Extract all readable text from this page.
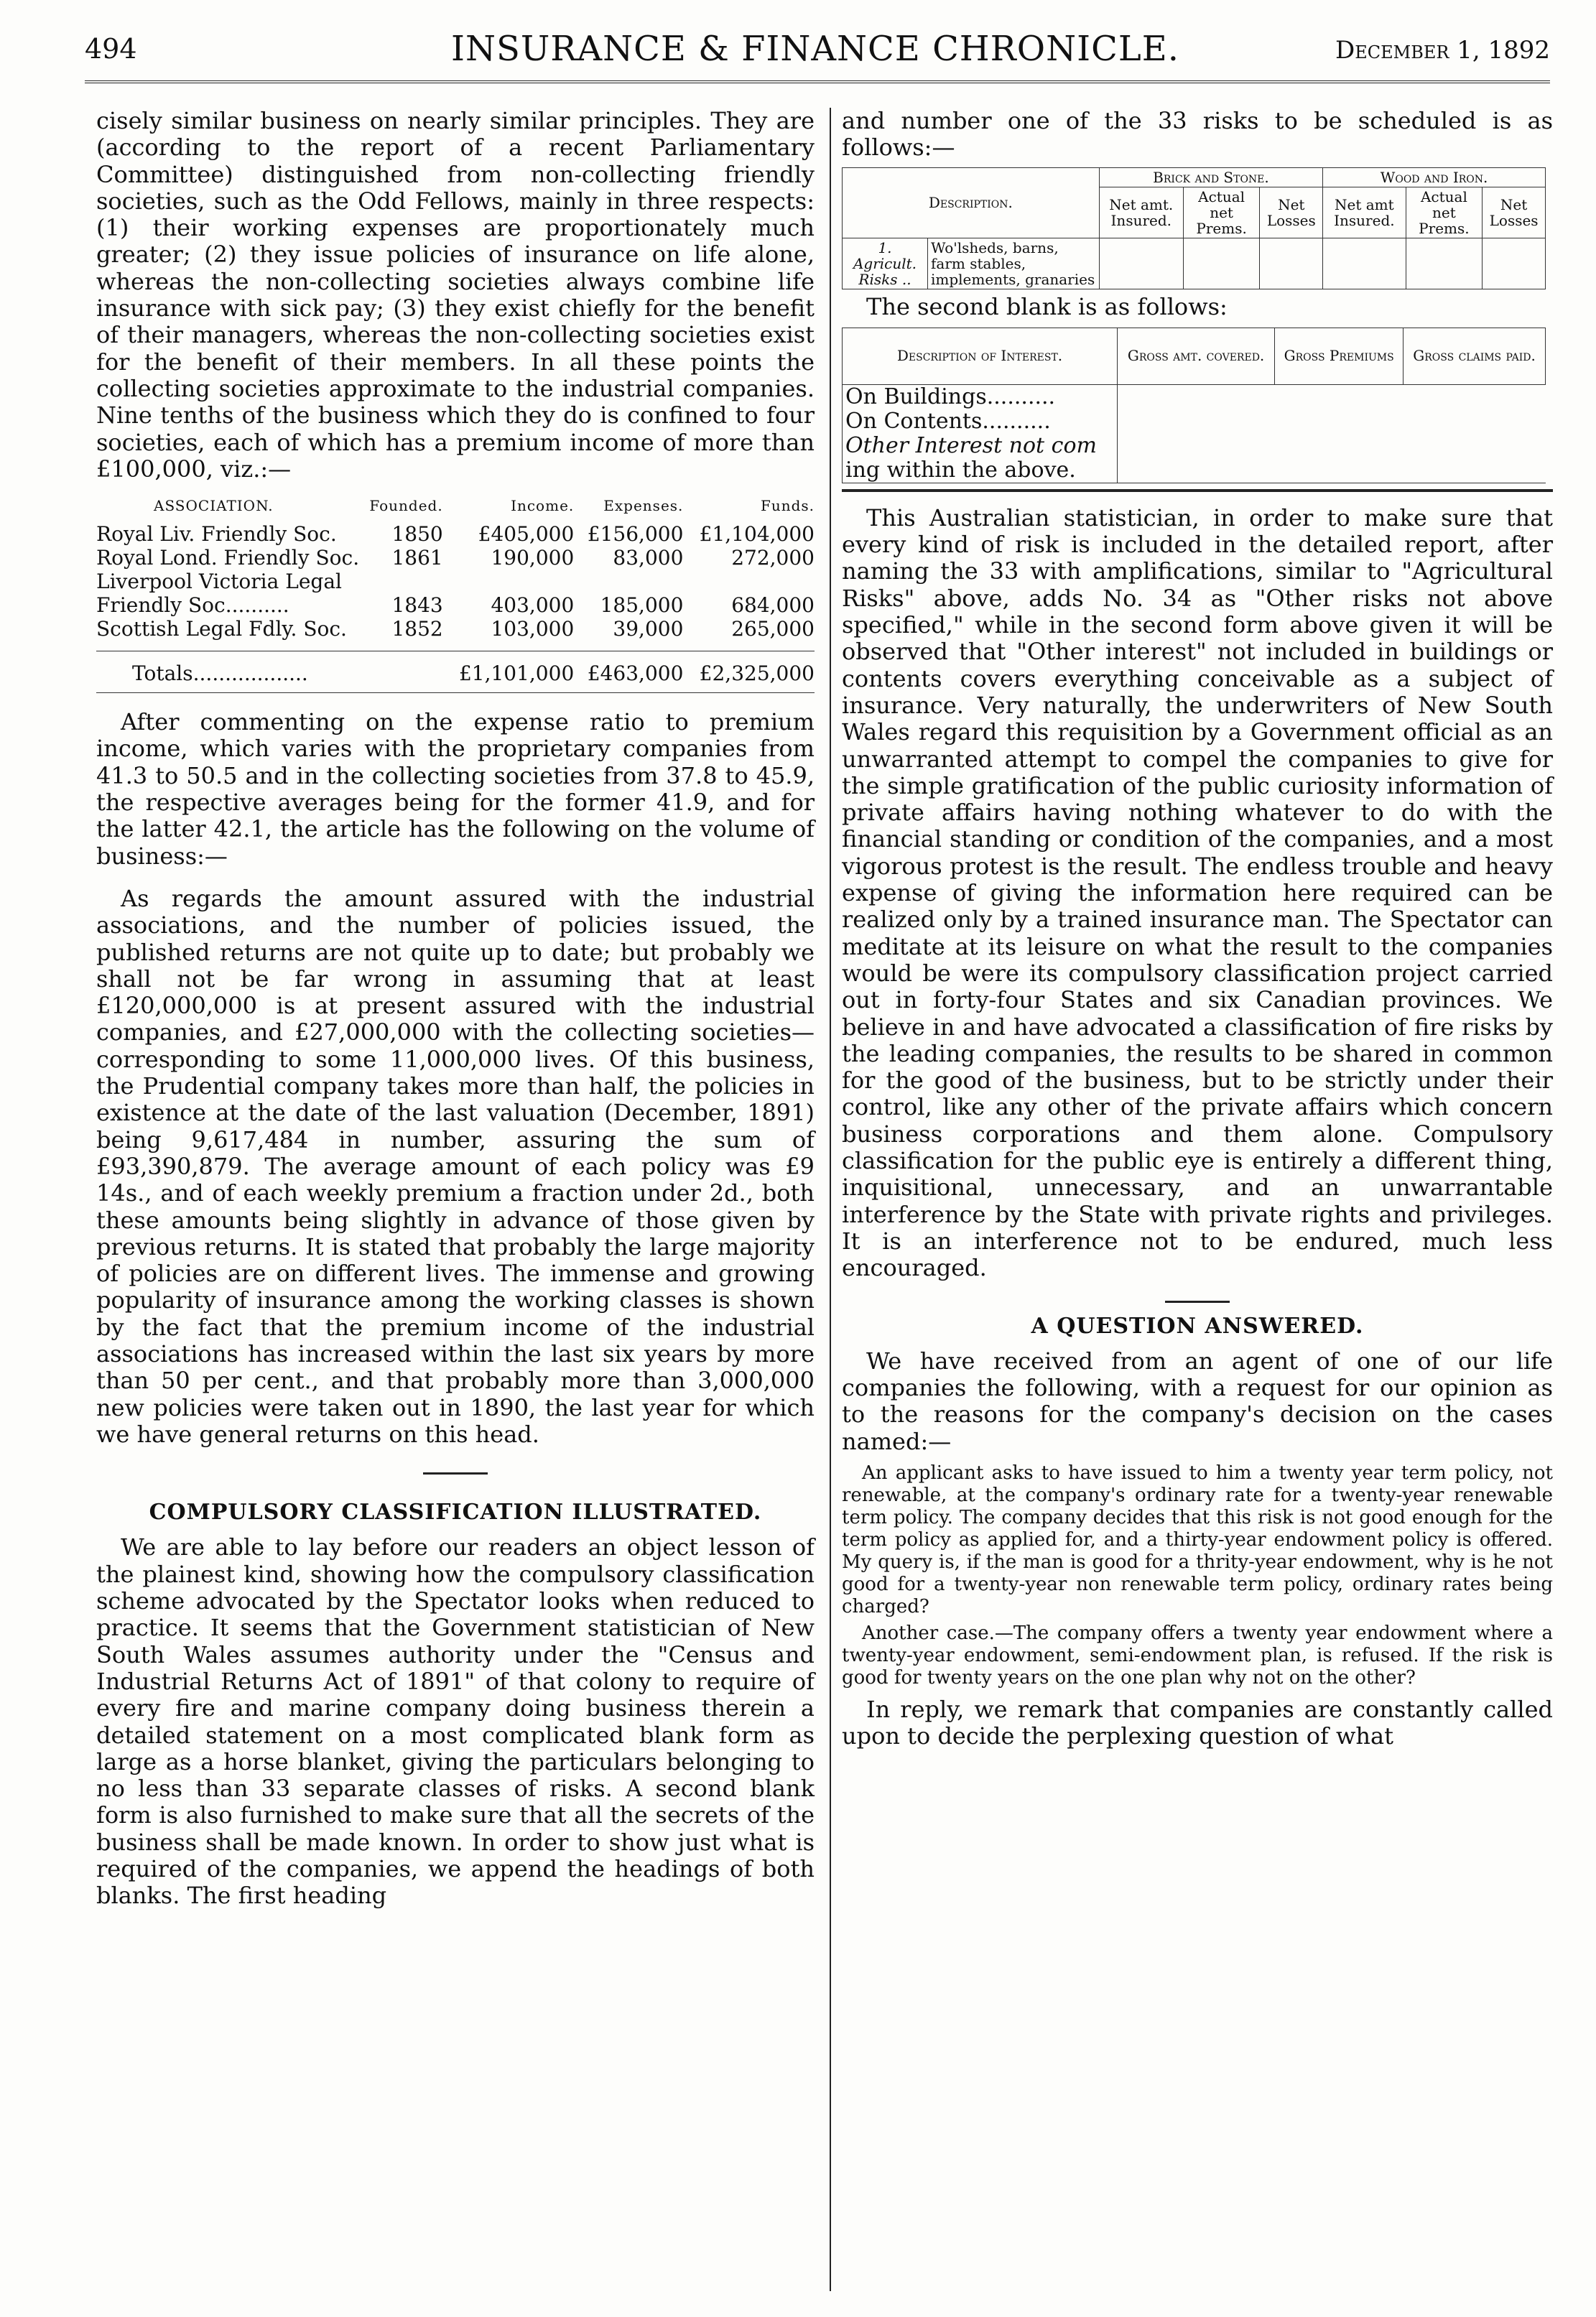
494	INSURANCE & FINANCE CHRONICLE.	December 1, 1892

cisely similar business on nearly similar principles. They are (according to the report of a recent Parliamentary Committee) distinguished from non-collecting friendly societies, such as the Odd Fellows, mainly in three respects: (1) their working expenses are proportionately much greater; (2) they issue policies of insurance on life alone, whereas the non-collecting societies always combine life insurance with sick pay; (3) they exist chiefly for the benefit of their managers, whereas the non-collecting societies exist for the benefit of their members. In all these points the collecting societies approximate to the industrial companies. Nine tenths of the business which they do is confined to four societies, each of which has a premium income of more than £100,000, viz.:—

ASSOCIATION.	Founded.	Income.	Expenses.	Funds.
Royal Liv. Friendly Soc.	1850	£405,000	£156,000	£1,104,000
Royal Lond. Friendly Soc.	1861	190,000	83,000	272,000
Liverpool Victoria Legal Friendly Soc..........	1843	403,000	185,000	684,000
Scottish Legal Fdly. Soc.	1852	103,000	39,000	265,000

Totals..................		£1,101,000	£463,000	£2,325,000

After commenting on the expense ratio to premium income, which varies with the proprietary companies from 41.3 to 50.5 and in the collecting societies from 37.8 to 45.9, the respective averages being for the former 41.9, and for the latter 42.1, the article has the following on the volume of business:—

As regards the amount assured with the industrial associations, and the number of policies issued, the published returns are not quite up to date; but probably we shall not be far wrong in assuming that at least £120,000,000 is at present assured with the industrial companies, and £27,000,000 with the collecting societies—corresponding to some 11,000,000 lives. Of this business, the Prudential company takes more than half, the policies in existence at the date of the last valuation (December, 1891) being 9,617,484 in number, assuring the sum of £93,390,879. The average amount of each policy was £9 14s., and of each weekly premium a fraction under 2d., both these amounts being slightly in advance of those given by previous returns. It is stated that probably the large majority of policies are on different lives. The immense and growing popularity of insurance among the working classes is shown by the fact that the premium income of the industrial associations has increased within the last six years by more than 50 per cent., and that probably more than 3,000,000 new policies were taken out in 1890, the last year for which we have general returns on this head.

COMPULSORY CLASSIFICATION ILLUSTRATED.

We are able to lay before our readers an object lesson of the plainest kind, showing how the compulsory classification scheme advocated by the Spectator looks when reduced to practice. It seems that the Government statistician of New South Wales assumes authority under the "Census and Industrial Returns Act of 1891" of that colony to require of every fire and marine company doing business therein a detailed statement on a most complicated blank form as large as a horse blanket, giving the particulars belonging to no less than 33 separate classes of risks. A second blank form is also furnished to make sure that all the secrets of the business shall be made known. In order to show just what is required of the companies, we append the headings of both blanks. The first heading

and number one of the 33 risks to be scheduled is as follows:—

Description.		Brick and Stone.			Wood and Iron.		
		Net amt. Insured.	Actual net Prems.	Net Losses	Net amt Insured.	Actual net Prems.	Net Losses
1. Agricult. Risks ..	Wo'lsheds, barns, farm stables, implements, granaries						

The second blank is as follows:

Description of Interest.	Gross amt. covered.	Gross Premiums	Gross claims paid.
On Buildings..........			
On Contents..........			
Other Interest not com			
ing within the above.			

This Australian statistician, in order to make sure that every kind of risk is included in the detailed report, after naming the 33 with amplifications, similar to "Agricultural Risks" above, adds No. 34 as "Other risks not above specified," while in the second form above given it will be observed that "Other interest" not included in buildings or contents covers everything conceivable as a subject of insurance. Very naturally, the underwriters of New South Wales regard this requisition by a Government official as an unwarranted attempt to compel the companies to give for the simple gratification of the public curiosity information of private affairs having nothing whatever to do with the financial standing or condition of the companies, and a most vigorous protest is the result. The endless trouble and heavy expense of giving the information here required can be realized only by a trained insurance man. The Spectator can meditate at its leisure on what the result to the companies would be were its compulsory classification project carried out in forty-four States and six Canadian provinces. We believe in and have advocated a classification of fire risks by the leading companies, the results to be shared in common for the good of the business, but to be strictly under their control, like any other of the private affairs which concern business corporations and them alone. Compulsory classification for the public eye is entirely a different thing, inquisitional, unnecessary, and an unwarrantable interference by the State with private rights and privileges. It is an interference not to be endured, much less encouraged.

A QUESTION ANSWERED.

We have received from an agent of one of our life companies the following, with a request for our opinion as to the reasons for the company's decision on the cases named:—

An applicant asks to have issued to him a twenty year term policy, not renewable, at the company's ordinary rate for a twenty-year renewable term policy. The company decides that this risk is not good enough for the term policy as applied for, and a thirty-year endowment policy is offered. My query is, if the man is good for a thrity-year endowment, why is he not good for a twenty-year non renewable term policy, ordinary rates being charged?

Another case.—The company offers a twenty year endowment where a twenty-year endowment, semi-endowment plan, is refused. If the risk is good for twenty years on the one plan why not on the other?

In reply, we remark that companies are constantly called upon to decide the perplexing question of what
